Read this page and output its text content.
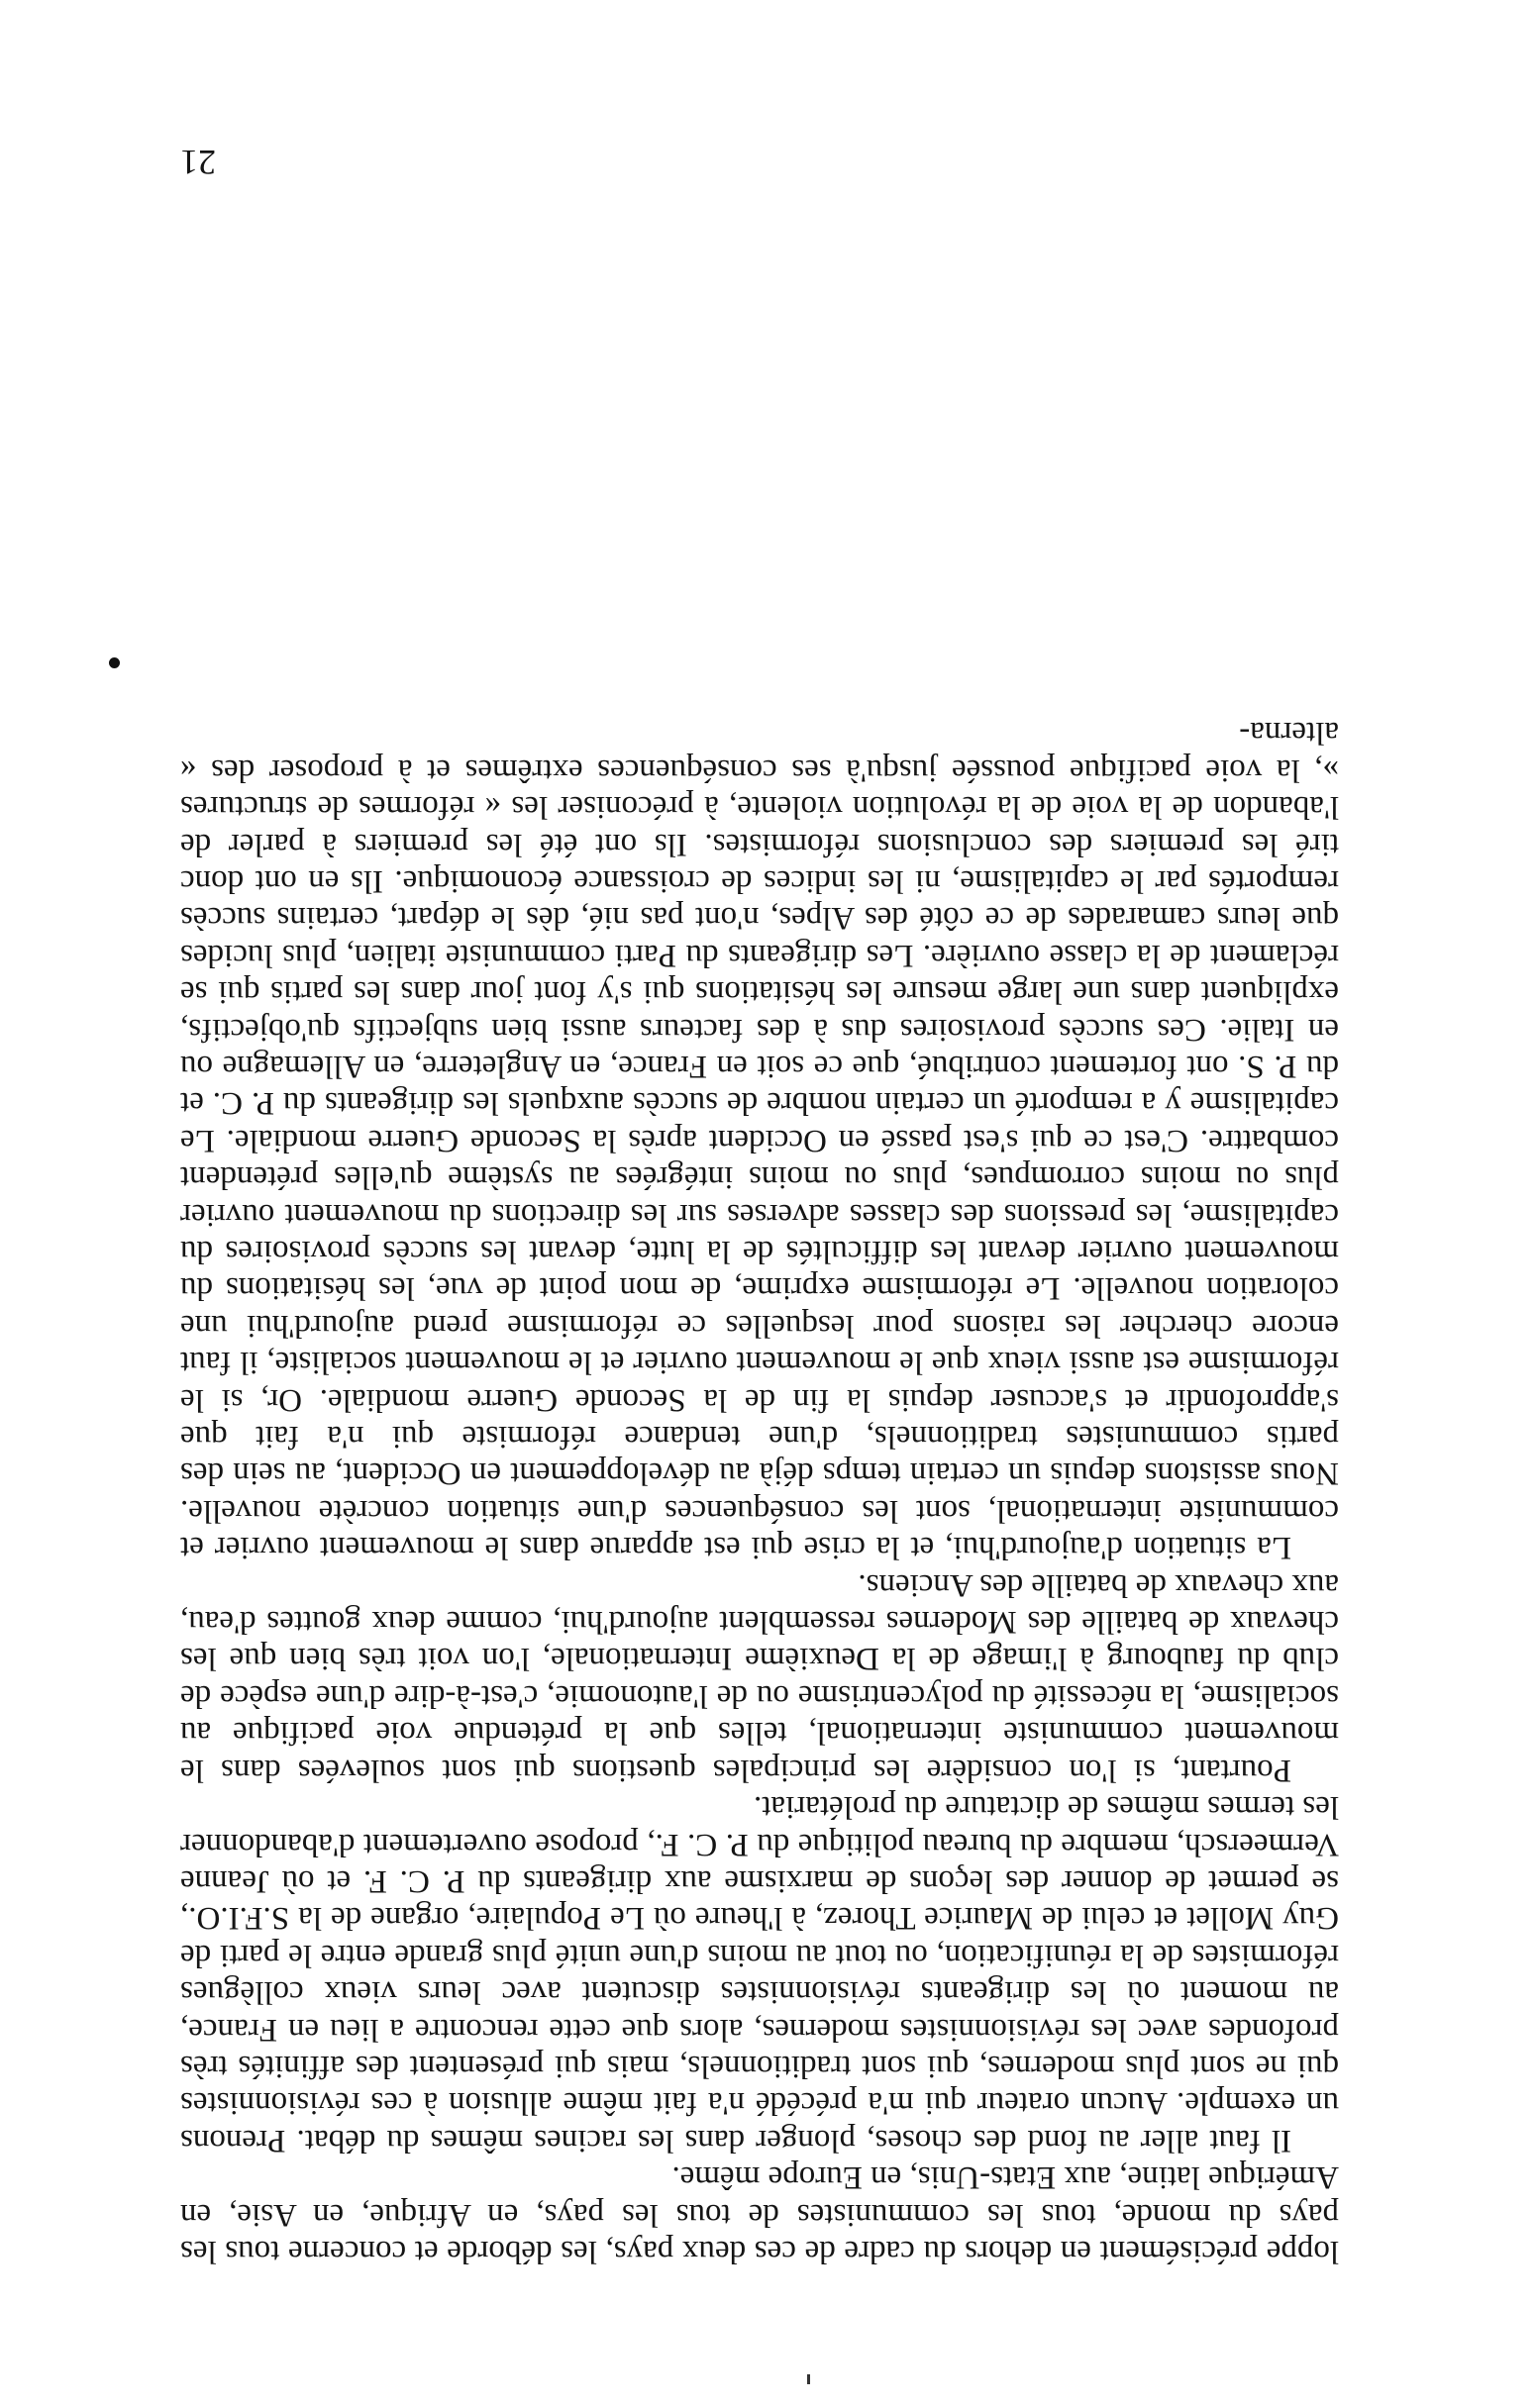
loppe précisément en dehors du cadre de ces deux pays, les déborde et concerne tous les pays du monde, tous les communistes de tous les pays, en Afrique, en Asie, en Amérique latine, aux Etats-Unis, en Europe même.

Il faut aller au fond des choses, plonger dans les racines mêmes du débat. Prenons un exemple. Aucun orateur qui m'a précédé n'a fait même allusion à ces révisionnistes qui ne sont plus modernes, qui sont traditionnels, mais qui présentent des affinités très profondes avec les révisionnistes modernes, alors que cette rencontre a lieu en France, au moment où les dirigeants révisionnistes discutent avec leurs vieux collègues réformistes de la réunification, ou tout au moins d'une unité plus grande entre le parti de Guy Mollet et celui de Maurice Thorez, à l'heure où Le Populaire, organe de la S.F.I.O., se permet de donner des leçons de marxisme aux dirigeants du P. C. F. et où Jeanne Vermeersch, membre du bureau politique du P. C. F., propose ouvertement d'abandonner les termes mêmes de dictature du prolétariat.

Pourtant, si l'on considère les principales questions qui sont soulevées dans le mouvement communiste international, telles que la prétendue voie pacifique au socialisme, la nécessité du polycentrisme ou de l'autonomie, c'est-à-dire d'une espèce de club du faubourg à l'image de la Deuxième Internationale, l'on voit très bien que les chevaux de bataille des Modernes ressemblent aujourd'hui, comme deux gouttes d'eau, aux chevaux de bataille des Anciens.

La situation d'aujourd'hui, et la crise qui est apparue dans le mouvement ouvrier et communiste international, sont les conséquences d'une situation concrète nouvelle. Nous assistons depuis un certain temps déjà au développement en Occident, au sein des partis communistes traditionnels, d'une tendance réformiste qui n'a fait que s'approfondir et s'accuser depuis la fin de la Seconde Guerre mondiale. Or, si le réformisme est aussi vieux que le mouvement ouvrier et le mouvement socialiste, il faut encore chercher les raisons pour lesquelles ce réformisme prend aujourd'hui une coloration nouvelle. Le réformisme exprime, de mon point de vue, les hésitations du mouvement ouvrier devant les difficultés de la lutte, devant les succès provisoires du capitalisme, les pressions des classes adverses sur les directions du mouvement ouvrier plus ou moins corrompues, plus ou moins intégrées au système qu'elles prétendent combattre. C'est ce qui s'est passé en Occident après la Seconde Guerre mondiale. Le capitalisme y a remporté un certain nombre de succès auxquels les dirigeants du P. C. et du P. S. ont fortement contribué, que ce soit en France, en Angleterre, en Allemagne ou en Italie. Ces succès provisoires dus à des facteurs aussi bien subjectifs qu'objectifs, expliquent dans une large mesure les hésitations qui s'y font jour dans les partis qui se réclament de la classe ouvrière. Les dirigeants du Parti communiste italien, plus lucides que leurs camarades de ce côté des Alpes, n'ont pas nié, dès le départ, certains succès remportés par le capitalisme, ni les indices de croissance économique. Ils en ont donc tiré les premiers des conclusions réformistes. Ils ont été les premiers à parler de l'abandon de la voie de la révolution violente, à préconiser les « réformes de structures », la voie pacifique poussée jusqu'à ses conséquences extrêmes et à proposer des « alterna-

21
